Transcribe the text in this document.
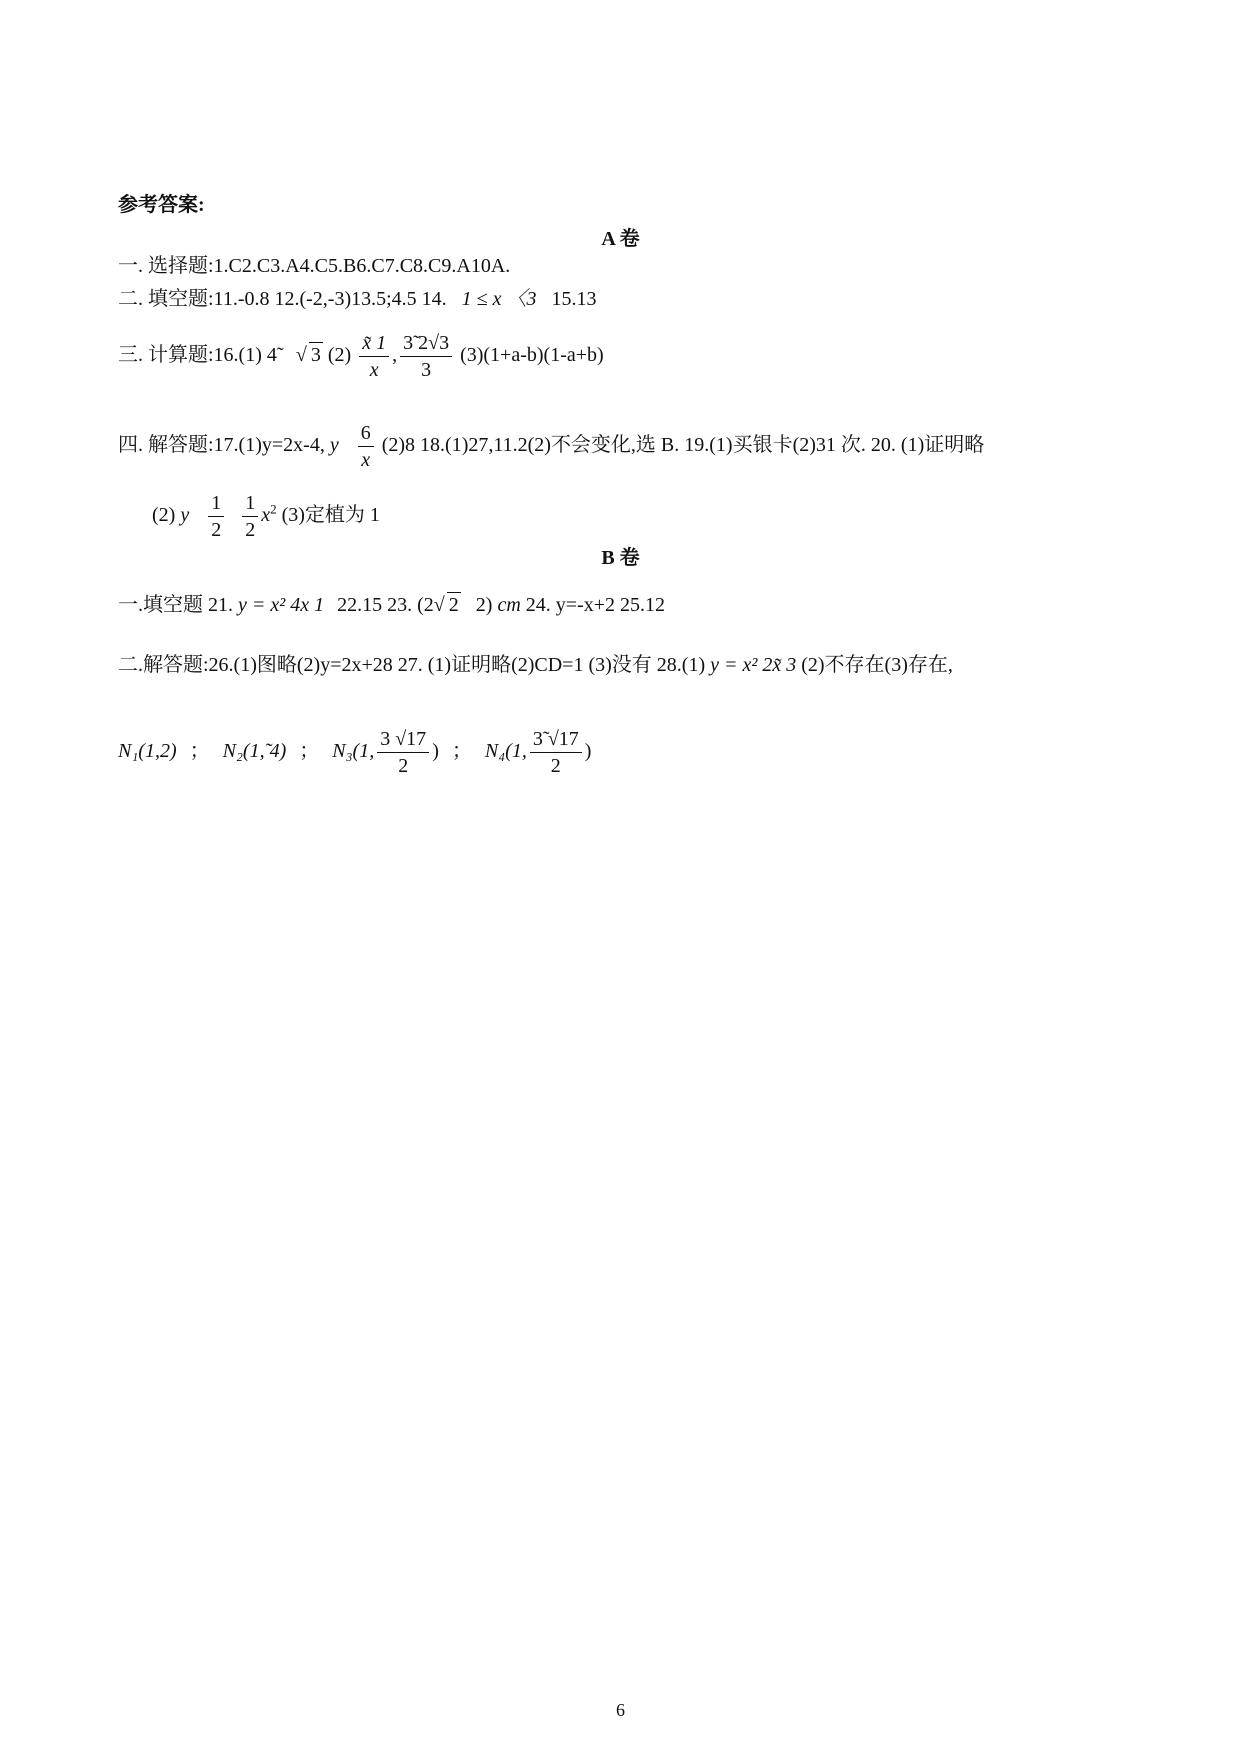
参考答案:
A 卷
一. 选择题:1.C2.C3.A4.C5.B6.C7.C8.C9.A10A.
二. 填空题:11.-0.8 12.(-2,-3)13.5;4.5 14. 1 ≤ x 〈3 15.13
三. 计算题:16.(1) 4̃ √ 3 $(2) \frac{x̃ 1}{x}$ , $\frac{3̃ 2√3}{3} (3)(1+a-b)(1-a+b)$
四. 解答题:17.(1)y=2x-4, y $\frac{6}{x} (2)8$ 18.(1)27,11.2(2)不会变化,选 B. 19.(1)买银卡(2)31 次. 20. (1)证明略
(2) y $\frac{1}{2}$
$\frac{1}{2} x^2$ (3)定植为 1
B 卷
一.填空题 21. y = x² 4x 1 22.15 23. (2√ 2 2) cm 24. y=-x+2 25.12
二.解答题:26.(1)图略(2)y=2x+28 27. (1)证明略(2)CD=1 (3)没有 28.(1) y = x² 2x̃ 3 (2)不存在(3)存在,
N₁(1,2) ； N₂(1,̃ 4) ； N₃(1, $\frac{3 √17}{2}$ ) ； N₄(1, $\frac{3̃ √17}{2}$ )
6
